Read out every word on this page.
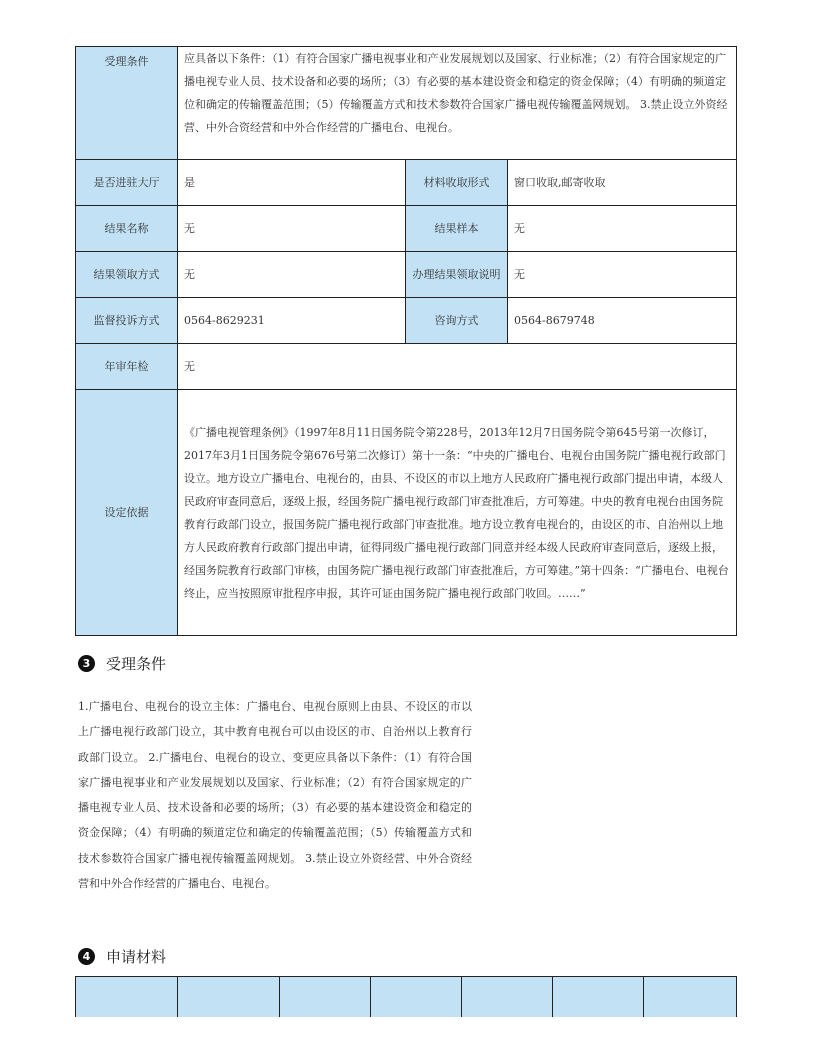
受理条件	应具备以下条件：（1）有符合国家广播电视事业和产业发展规划以及国家、行业标准；（2）有符合国家规定的广播电视专业人员、技术设备和必要的场所；（3）有必要的基本建设资金和稳定的资金保障；（4）有明确的频道定位和确定的传输覆盖范围；（5）传输覆盖方式和技术参数符合国家广播电视传输覆盖网规划。 3.禁止设立外资经营、中外合资经营和中外合作经营的广播电台、电视台。		
是否进驻大厅	是	材料收取形式	窗口收取,邮寄收取
结果名称	无	结果样本	无
结果领取方式	无	办理结果领取说明	无
监督投诉方式	0564-8629231	咨询方式	0564-8679748
年审年检	无		
设定依据	《广播电视管理条例》（1997年8月11日国务院令第228号，2013年12月7日国务院令第645号第一次修订，2017年3月1日国务院令第676号第二次修订）第十一条：“中央的广播电台、电视台由国务院广播电视行政部门设立。地方设立广播电台、电视台的，由县、不设区的市以上地方人民政府广播电视行政部门提出申请，本级人民政府审查同意后，逐级上报，经国务院广播电视行政部门审查批准后，方可筹建。中央的教育电视台由国务院教育行政部门设立，报国务院广播电视行政部门审查批准。地方设立教育电视台的，由设区的市、自治州以上地方人民政府教育行政部门提出申请，征得同级广播电视行政部门同意并经本级人民政府审查同意后，逐级上报，经国务院教育行政部门审核，由国务院广播电视行政部门审查批准后，方可筹建。”第十四条：“广播电台、电视台终止，应当按照原审批程序申报，其许可证由国务院广播电视行政部门收回。……”		
3	受理条件

1.广播电台、电视台的设立主体：广播电台、电视台原则上由县、不设区的市以上广播电视行政部门设立，其中教育电视台可以由设区的市、自治州以上教育行政部门设立。 2.广播电台、电视台的设立、变更应具备以下条件：（1）有符合国家广播电视事业和产业发展规划以及国家、行业标准；（2）有符合国家规定的广播电视专业人员、技术设备和必要的场所；（3）有必要的基本建设资金和稳定的资金保障；（4）有明确的频道定位和确定的传输覆盖范围；（5）传输覆盖方式和技术参数符合国家广播电视传输覆盖网规划。 3.禁止设立外资经营、中外合资经营和中外合作经营的广播电台、电视台。

4	申请材料
